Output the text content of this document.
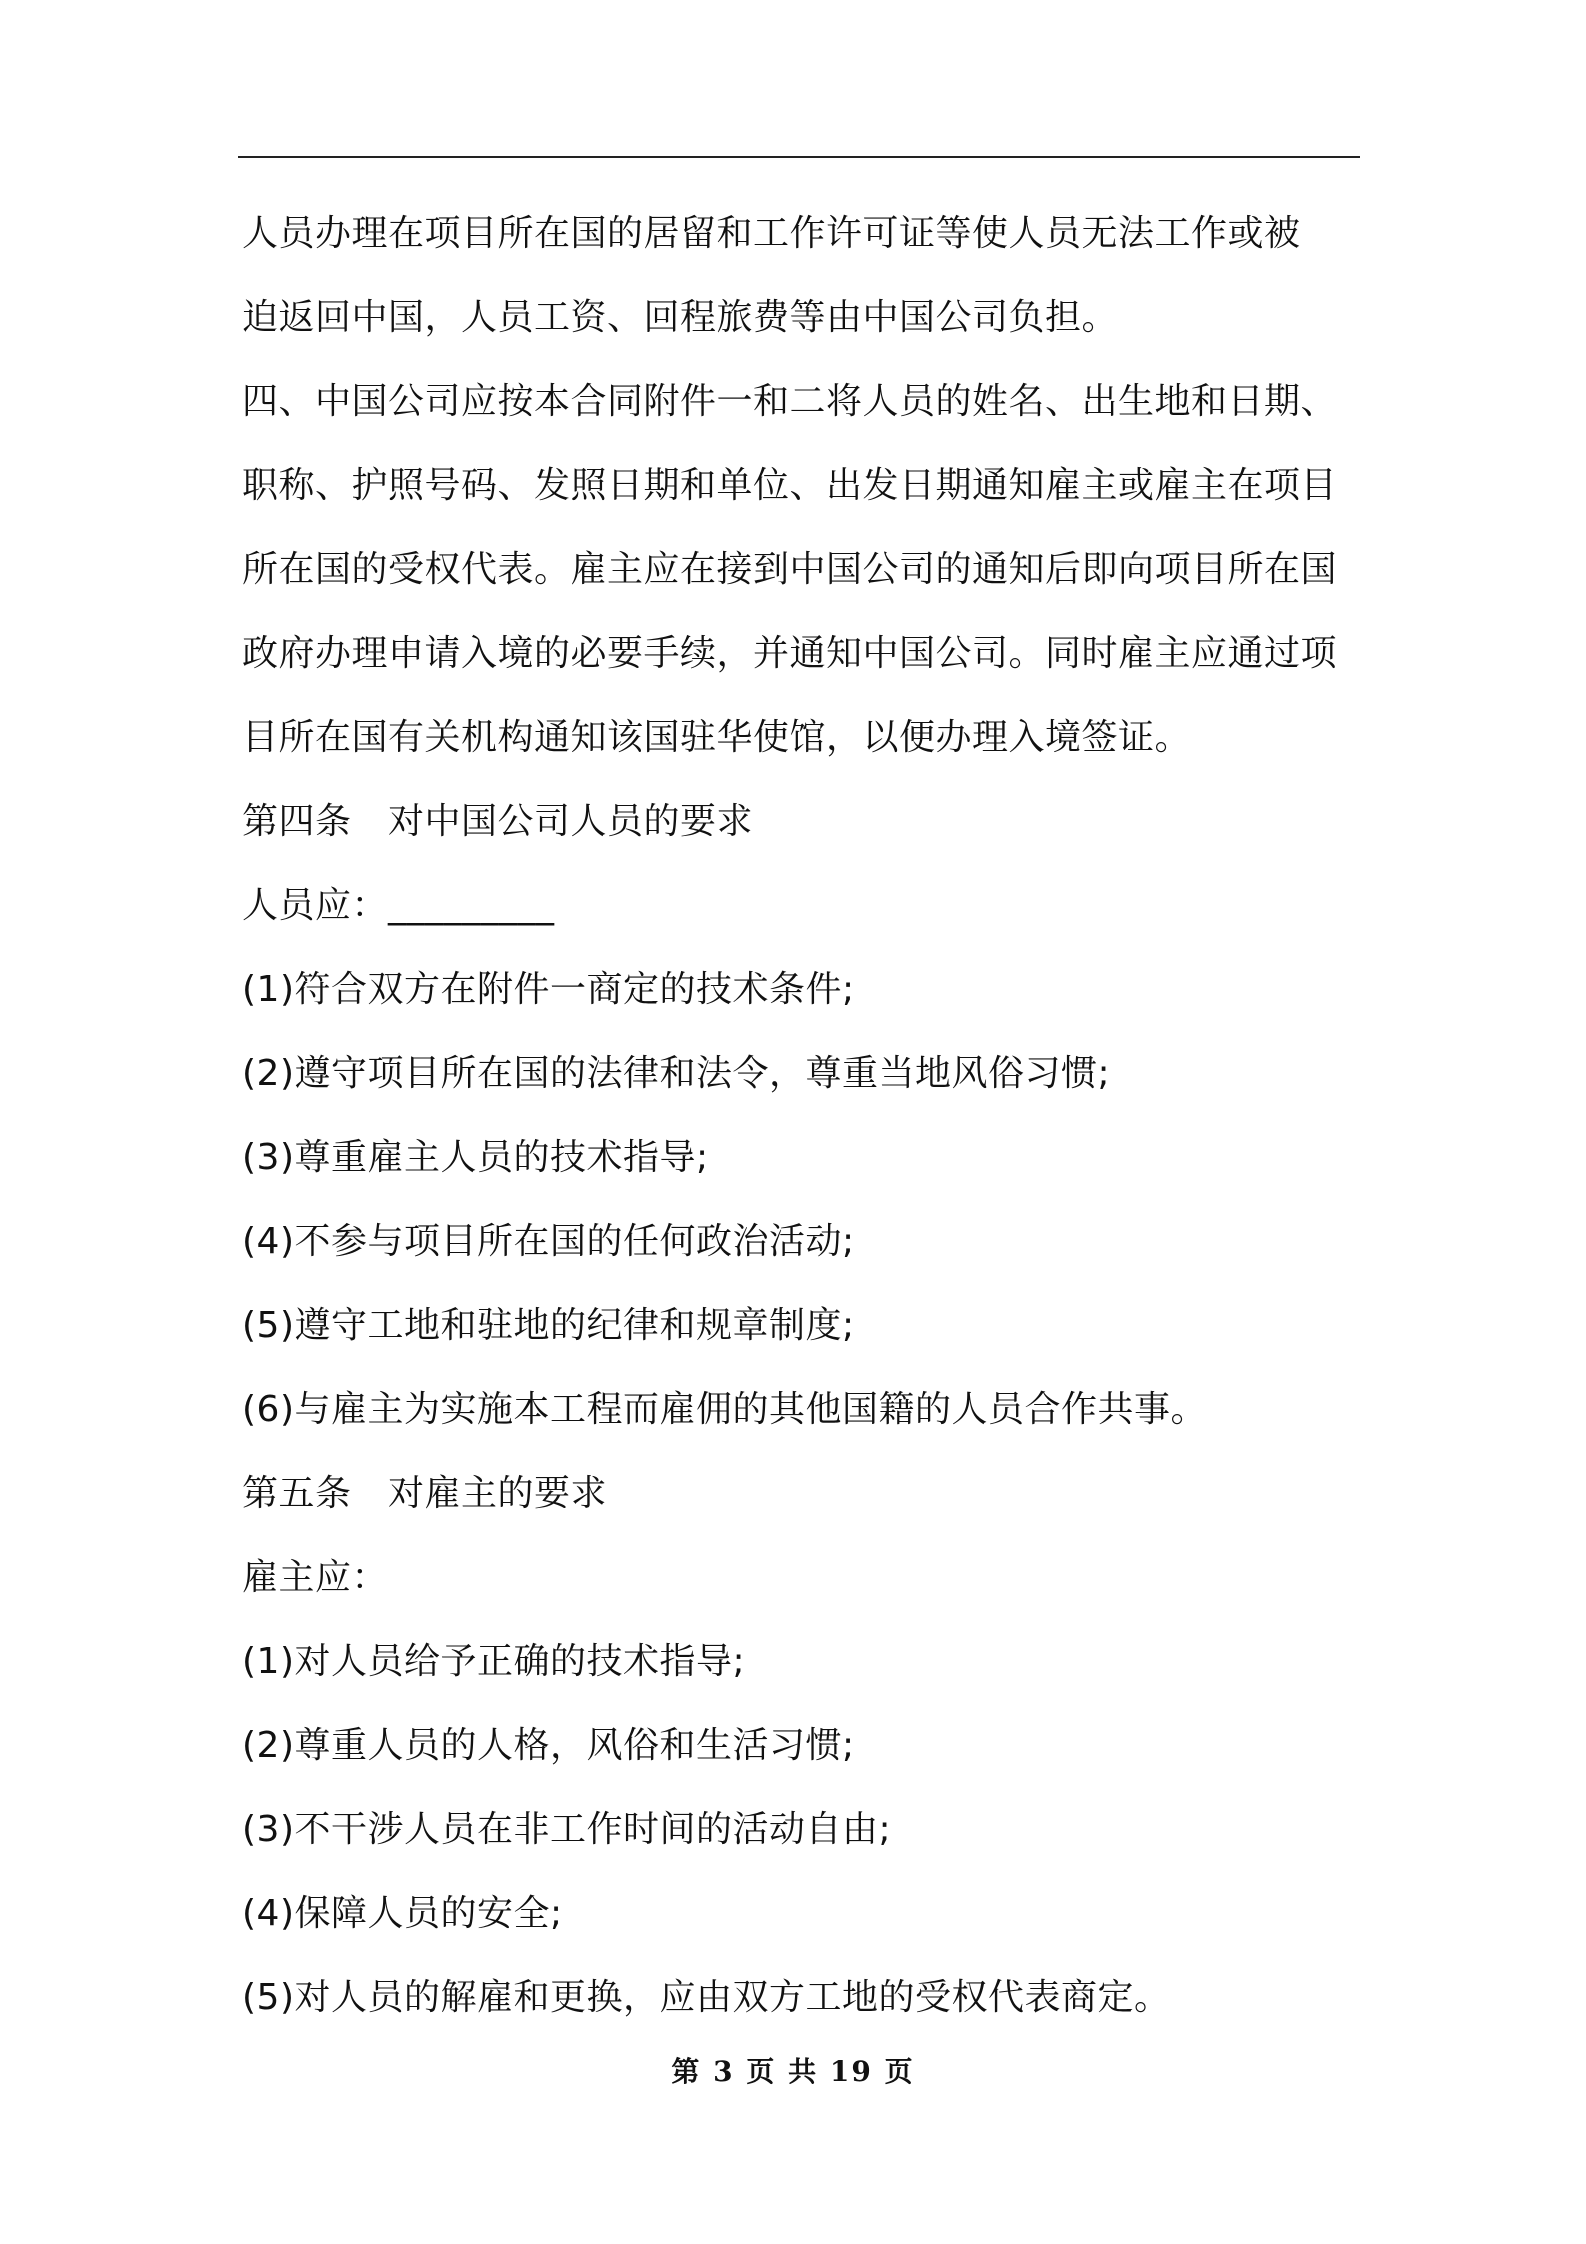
人员办理在项目所在国的居留和工作许可证等使人员无法工作或被
迫返回中国，人员工资、回程旅费等由中国公司负担。
四、中国公司应按本合同附件一和二将人员的姓名、出生地和日期、
职称、护照号码、发照日期和单位、出发日期通知雇主或雇主在项目
所在国的受权代表。雇主应在接到中国公司的通知后即向项目所在国
政府办理申请入境的必要手续，并通知中国公司。同时雇主应通过项
目所在国有关机构通知该国驻华使馆，以便办理入境签证。
第四条　对中国公司人员的要求
人员应：_________
(1)符合双方在附件一商定的技术条件;
(2)遵守项目所在国的法律和法令，尊重当地风俗习惯;
(3)尊重雇主人员的技术指导;
(4)不参与项目所在国的任何政治活动;
(5)遵守工地和驻地的纪律和规章制度;
(6)与雇主为实施本工程而雇佣的其他国籍的人员合作共事。
第五条　对雇主的要求
雇主应：
(1)对人员给予正确的技术指导;
(2)尊重人员的人格，风俗和生活习惯;
(3)不干涉人员在非工作时间的活动自由;
(4)保障人员的安全;
(5)对人员的解雇和更换，应由双方工地的受权代表商定。
第 3 页 共 19 页
